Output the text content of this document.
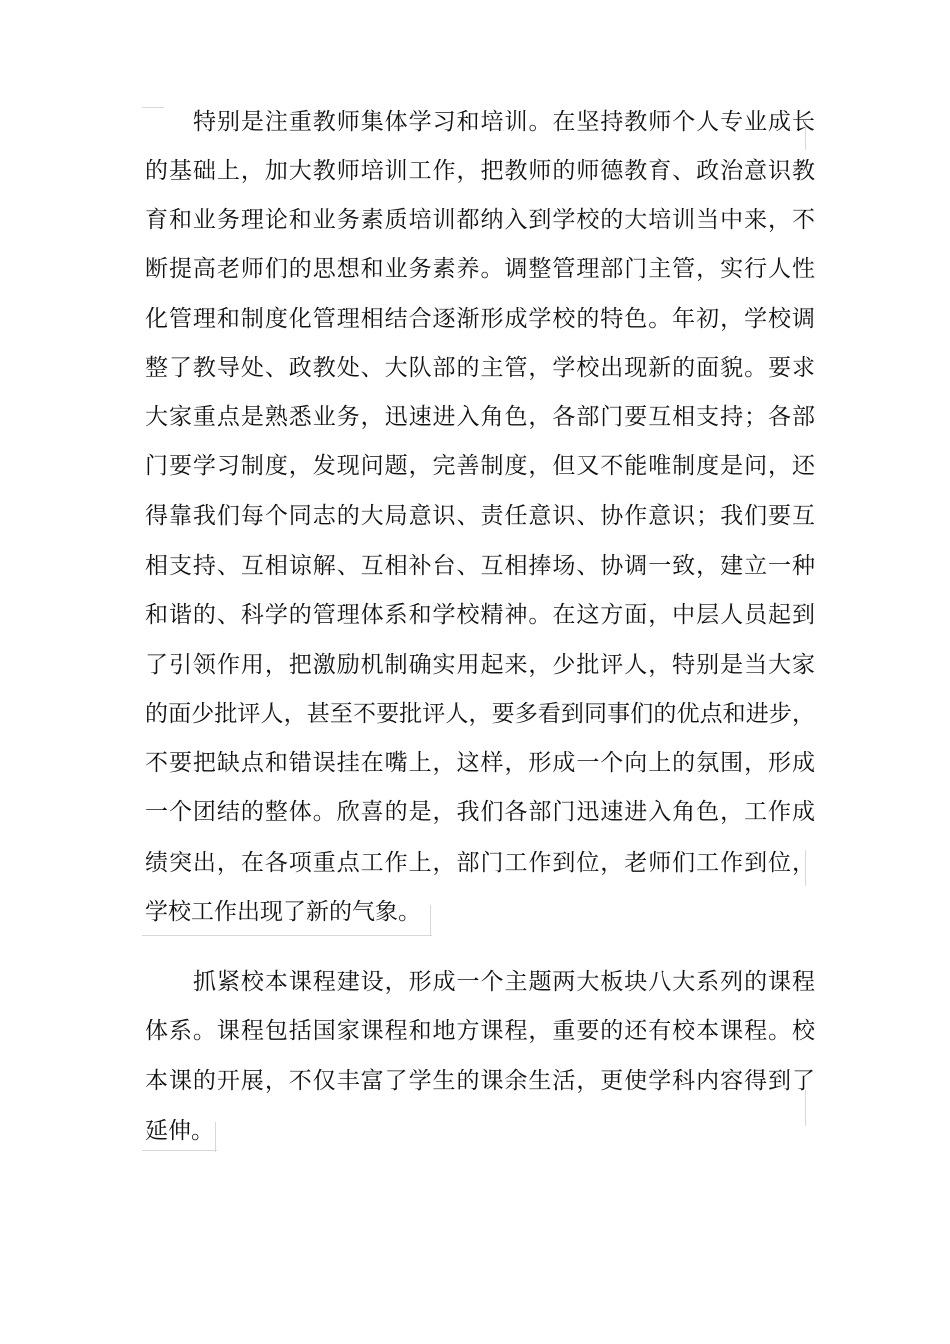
特别是注重教师集体学习和培训。在坚持教师个人专业成长
的基础上，加大教师培训工作，把教师的师德教育、政治意识教
育和业务理论和业务素质培训都纳入到学校的大培训当中来，不
断提高老师们的思想和业务素养。调整管理部门主管，实行人性
化管理和制度化管理相结合逐渐形成学校的特色。年初，学校调
整了教导处、政教处、大队部的主管，学校出现新的面貌。要求
大家重点是熟悉业务，迅速进入角色，各部门要互相支持；各部
门要学习制度，发现问题，完善制度，但又不能唯制度是问，还
得靠我们每个同志的大局意识、责任意识、协作意识；我们要互
相支持、互相谅解、互相补台、互相捧场、协调一致，建立一种
和谐的、科学的管理体系和学校精神。在这方面，中层人员起到
了引领作用，把激励机制确实用起来，少批评人，特别是当大家
的面少批评人，甚至不要批评人，要多看到同事们的优点和进步，
不要把缺点和错误挂在嘴上，这样，形成一个向上的氛围，形成
一个团结的整体。欣喜的是，我们各部门迅速进入角色，工作成
绩突出，在各项重点工作上，部门工作到位，老师们工作到位，
学校工作出现了新的气象。
抓紧校本课程建设，形成一个主题两大板块八大系列的课程
体系。课程包括国家课程和地方课程，重要的还有校本课程。校
本课的开展，不仅丰富了学生的课余生活，更使学科内容得到了
延伸。
